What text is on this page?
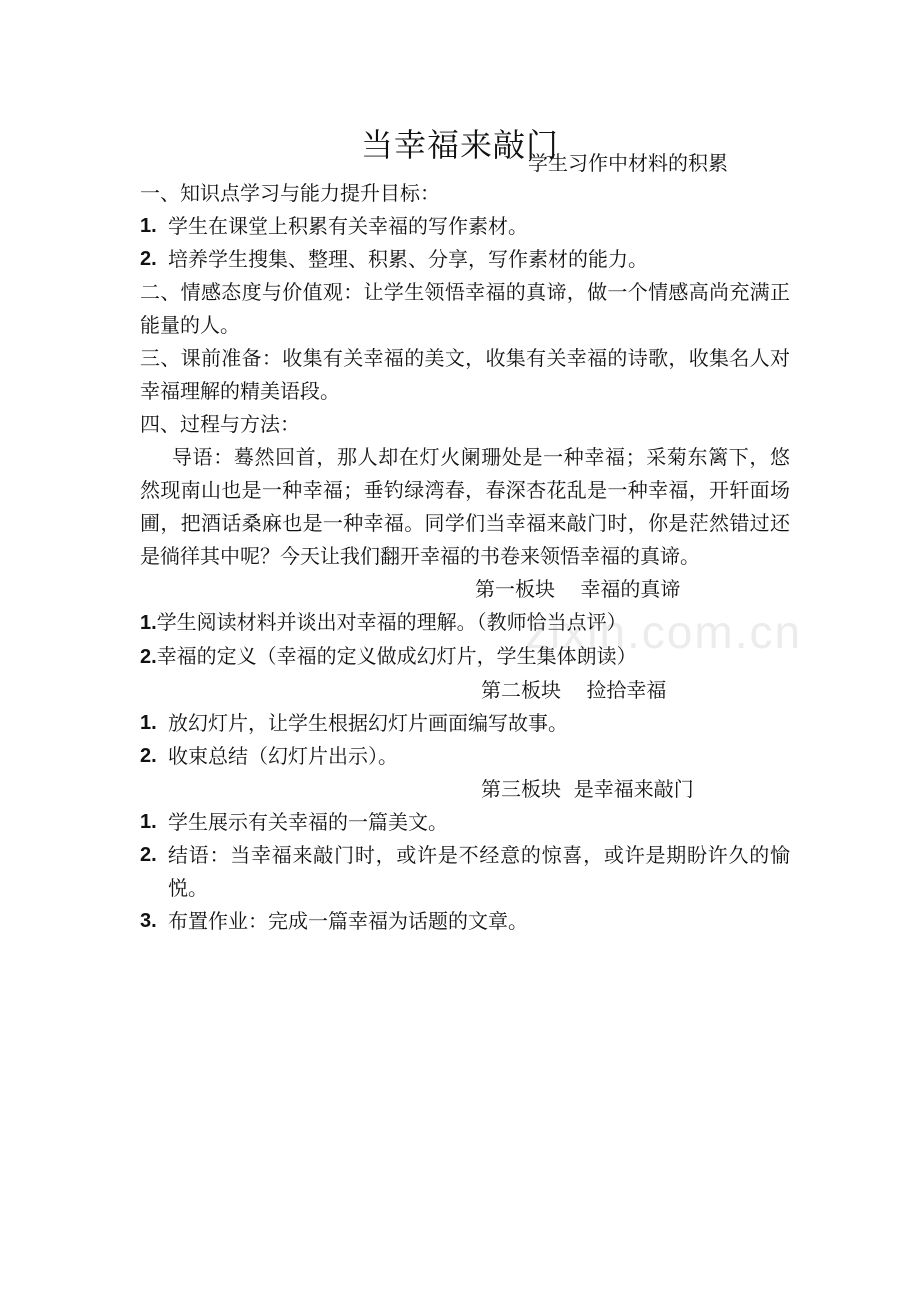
zixin.com.cn
当幸福来敲门
学生习作中材料的积累
一、知识点学习与能力提升目标：
1. 学生在课堂上积累有关幸福的写作素材。
2. 培养学生搜集、整理、积累、分享，写作素材的能力。
二、情感态度与价值观：让学生领悟幸福的真谛，做一个情感高尚充满正能量的人。
三、课前准备：收集有关幸福的美文，收集有关幸福的诗歌，收集名人对幸福理解的精美语段。
四、过程与方法：
导语：蓦然回首，那人却在灯火阑珊处是一种幸福；采菊东篱下，悠然现南山也是一种幸福；垂钓绿湾春，春深杏花乱是一种幸福，开轩面场圃，把酒话桑麻也是一种幸福。同学们当幸福来敲门时，你是茫然错过还是徜徉其中呢？今天让我们翻开幸福的书卷来领悟幸福的真谛。
第一板块    幸福的真谛
1.学生阅读材料并谈出对幸福的理解。（教师恰当点评）
2.幸福的定义（幸福的定义做成幻灯片，学生集体朗读）
第二板块    捡拾幸福
1. 放幻灯片，让学生根据幻灯片画面编写故事。
2. 收束总结（幻灯片出示）。
第三板块  是幸福来敲门
1. 学生展示有关幸福的一篇美文。
2. 结语：当幸福来敲门时，或许是不经意的惊喜，或许是期盼许久的愉悦。
3. 布置作业：完成一篇幸福为话题的文章。
